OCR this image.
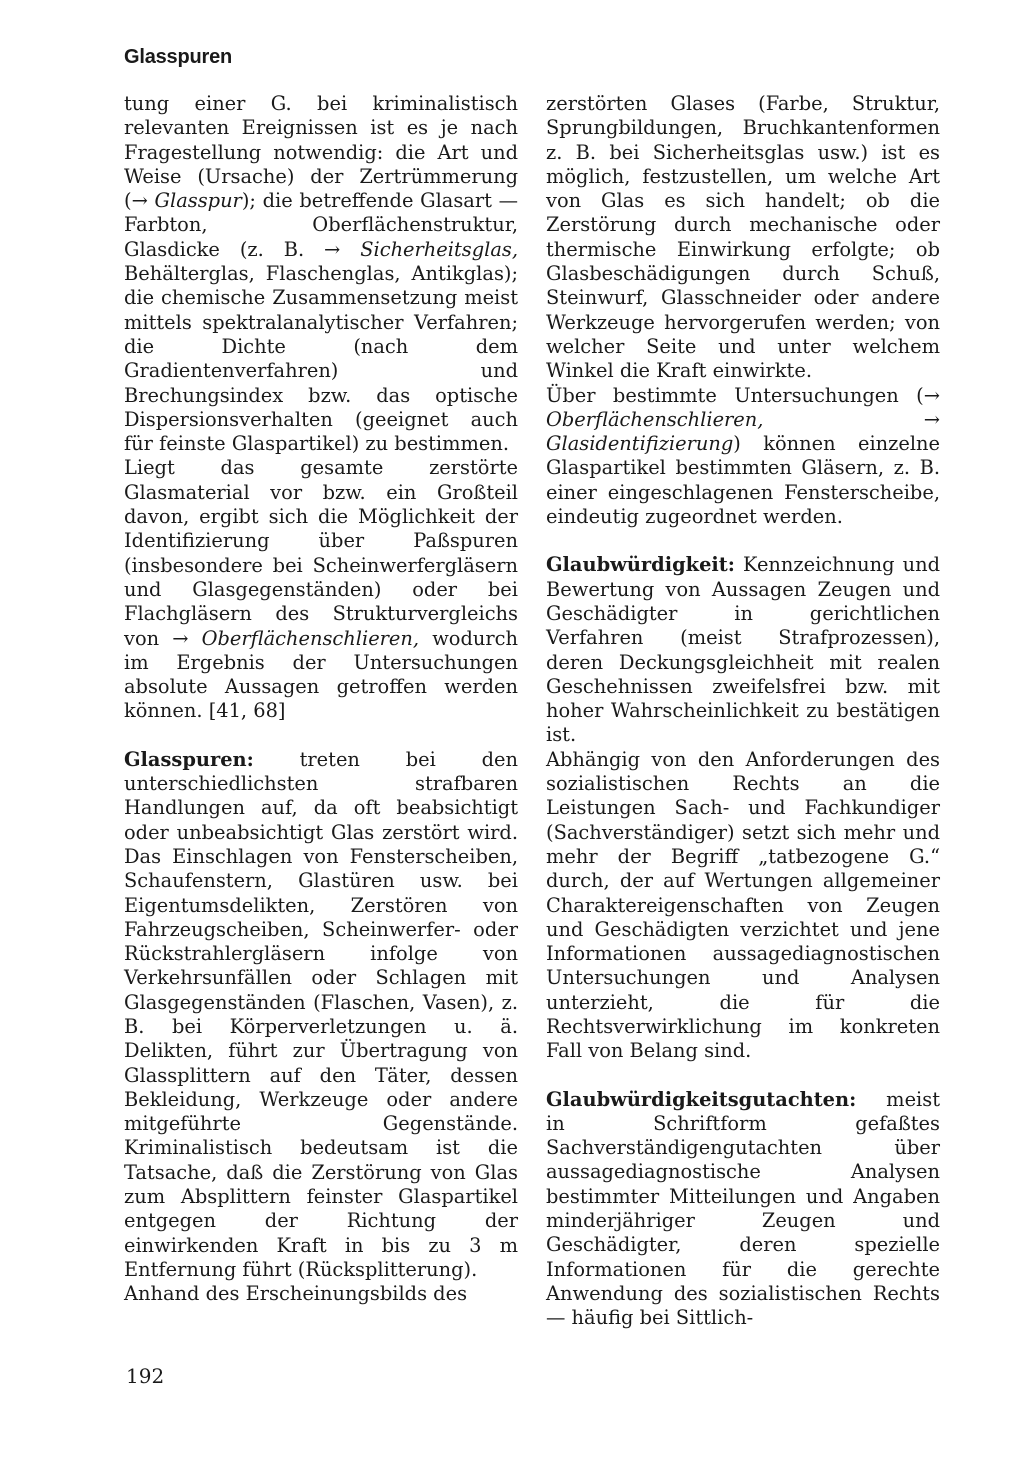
Glasspuren

tung einer G. bei kriminalistisch relevanten Ereignissen ist es je nach Fragestellung notwendig: die Art und Weise (Ursache) der Zertrümmerung (→ Glasspur); die betreffende Glasart — Farbton, Oberflächenstruktur, Glasdicke (z. B. → Sicherheitsglas, Behälterglas, Flaschenglas, Antikglas); die chemische Zusammensetzung meist mittels spektralanalytischer Verfahren; die Dichte (nach dem Gradientenverfahren) und Brechungsindex bzw. das optische Dispersionsverhalten (geeignet auch für feinste Glaspartikel) zu bestimmen.

Liegt das gesamte zerstörte Glasmaterial vor bzw. ein Großteil davon, ergibt sich die Möglichkeit der Identifizierung über Paßspuren (insbesondere bei Scheinwerfergläsern und Glasgegenständen) oder bei Flachgläsern des Strukturvergleichs von → Oberflächenschlieren, wodurch im Ergebnis der Untersuchungen absolute Aussagen getroffen werden können. [41, 68]

Glasspuren: treten bei den unterschiedlichsten strafbaren Handlungen auf, da oft beabsichtigt oder unbeabsichtigt Glas zerstört wird. Das Einschlagen von Fensterscheiben, Schaufenstern, Glastüren usw. bei Eigentumsdelikten, Zerstören von Fahrzeugscheiben, Scheinwerfer- oder Rückstrahlergläsern infolge von Verkehrsunfällen oder Schlagen mit Glasgegenständen (Flaschen, Vasen), z. B. bei Körperverletzungen u. ä. Delikten, führt zur Übertragung von Glassplittern auf den Täter, dessen Bekleidung, Werkzeuge oder andere mitgeführte Gegenstände. Kriminalistisch bedeutsam ist die Tatsache, daß die Zerstörung von Glas zum Absplittern feinster Glaspartikel entgegen der Richtung der einwirkenden Kraft in bis zu 3 m Entfernung führt (Rücksplitterung).

Anhand des Erscheinungsbilds des

zerstörten Glases (Farbe, Struktur, Sprungbildungen, Bruchkantenformen z. B. bei Sicherheitsglas usw.) ist es möglich, festzustellen, um welche Art von Glas es sich handelt; ob die Zerstörung durch mechanische oder thermische Einwirkung erfolgte; ob Glasbeschädigungen durch Schuß, Steinwurf, Glasschneider oder andere Werkzeuge hervorgerufen werden; von welcher Seite und unter welchem Winkel die Kraft einwirkte.

Über bestimmte Untersuchungen (→ Oberflächenschlieren, → Glasidentifizierung) können einzelne Glaspartikel bestimmten Gläsern, z. B. einer eingeschlagenen Fensterscheibe, eindeutig zugeordnet werden.

Glaubwürdigkeit: Kennzeichnung und Bewertung von Aussagen Zeugen und Geschädigter in gerichtlichen Verfahren (meist Strafprozessen), deren Deckungsgleichheit mit realen Geschehnissen zweifelsfrei bzw. mit hoher Wahrscheinlichkeit zu bestätigen ist.

Abhängig von den Anforderungen des sozialistischen Rechts an die Leistungen Sach- und Fachkundiger (Sachverständiger) setzt sich mehr und mehr der Begriff „tatbezogene G.“ durch, der auf Wertungen allgemeiner Charaktereigenschaften von Zeugen und Geschädigten verzichtet und jene Informationen aussagediagnostischen Untersuchungen und Analysen unterzieht, die für die Rechtsverwirklichung im konkreten Fall von Belang sind.

Glaubwürdigkeitsgutachten: meist in Schriftform gefaßtes Sachverständigengutachten über aussagediagnostische Analysen bestimmter Mitteilungen und Angaben minderjähriger Zeugen und Geschädigter, deren spezielle Informationen für die gerechte Anwendung des sozialistischen Rechts — häufig bei Sittlich-

192
